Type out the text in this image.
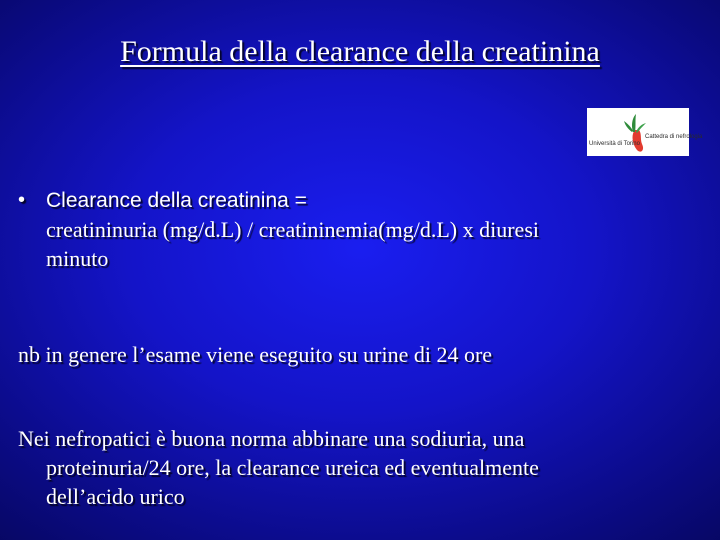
Formula della clearance della creatinina
Università di Torino
Cattedra di nefrologia
• Clearance della creatinina =
creatininuria (mg/d.L) / creatininemia(mg/d.L) x diuresi
minuto
nb in genere l’esame viene eseguito su urine di 24 ore
Nei nefropatici è buona norma abbinare una sodiuria, una
proteinuria/24 ore, la clearance ureica ed eventualmente
dell’acido urico
